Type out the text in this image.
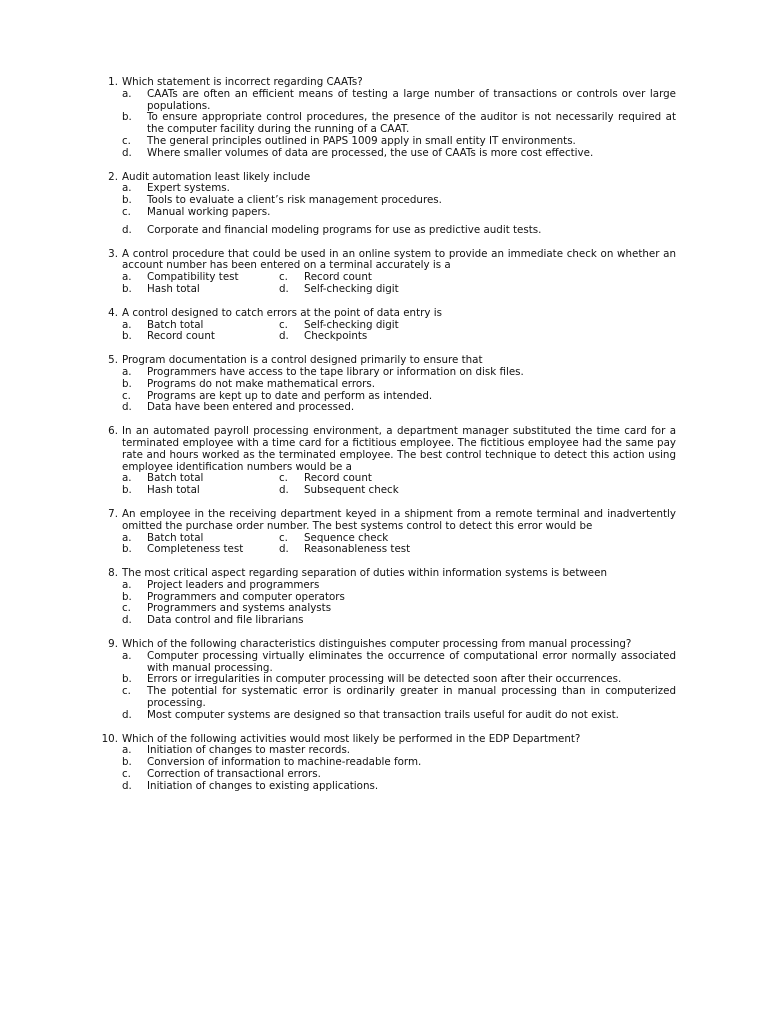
1. Which statement is incorrect regarding CAATs?
a. CAATs are often an efficient means of testing a large number of transactions or controls over large populations.
b. To ensure appropriate control procedures, the presence of the auditor is not necessarily required at the computer facility during the running of a CAAT.
c. The general principles outlined in PAPS 1009 apply in small entity IT environments.
d. Where smaller volumes of data are processed, the use of CAATs is more cost effective.
2. Audit automation least likely include
a. Expert systems.
b. Tools to evaluate a client’s risk management procedures.
c. Manual working papers.
d. Corporate and financial modeling programs for use as predictive audit tests.
3. A control procedure that could be used in an online system to provide an immediate check on whether an account number has been entered on a terminal accurately is a
a. Compatibility test	c. Record count
b. Hash total	d. Self-checking digit
4. A control designed to catch errors at the point of data entry is
a. Batch total	c. Self-checking digit
b. Record count	d. Checkpoints
5. Program documentation is a control designed primarily to ensure that
a. Programmers have access to the tape library or information on disk files.
b. Programs do not make mathematical errors.
c. Programs are kept up to date and perform as intended.
d. Data have been entered and processed.
6. In an automated payroll processing environment, a department manager substituted the time card for a terminated employee with a time card for a fictitious employee. The fictitious employee had the same pay rate and hours worked as the terminated employee. The best control technique to detect this action using employee identification numbers would be a
a. Batch total	c. Record count
b. Hash total	d. Subsequent check
7. An employee in the receiving department keyed in a shipment from a remote terminal and inadvertently omitted the purchase order number. The best systems control to detect this error would be
a. Batch total	c. Sequence check
b. Completeness test	d. Reasonableness test
8. The most critical aspect regarding separation of duties within information systems is between
a. Project leaders and programmers
b. Programmers and computer operators
c. Programmers and systems analysts
d. Data control and file librarians
9. Which of the following characteristics distinguishes computer processing from manual processing?
a. Computer processing virtually eliminates the occurrence of computational error normally associated with manual processing.
b. Errors or irregularities in computer processing will be detected soon after their occurrences.
c. The potential for systematic error is ordinarily greater in manual processing than in computerized processing.
d. Most computer systems are designed so that transaction trails useful for audit do not exist.
10. Which of the following activities would most likely be performed in the EDP Department?
a. Initiation of changes to master records.
b. Conversion of information to machine-readable form.
c. Correction of transactional errors.
d. Initiation of changes to existing applications.
